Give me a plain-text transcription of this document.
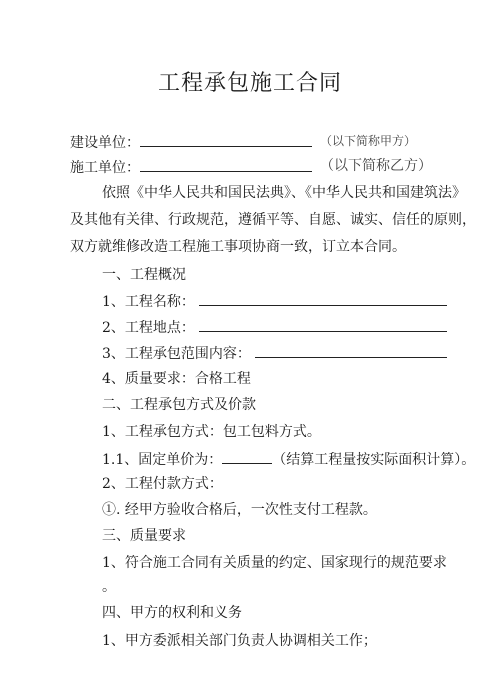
工程承包施工合同
建设单位：	（以下简称甲方）
施工单位：	（以下简称乙方）
依照《中华人民共和国民法典》、《中华人民共和国建筑法》
及其他有关律、行政规范，遵循平等、自愿、诚实、信任的原则，
双方就维修改造工程施工事项协商一致，订立本合同。
一、工程概况
1、工程名称：
2、工程地点：
3、工程承包范围内容：
4、质量要求：合格工程
二、工程承包方式及价款
1、工程承包方式：包工包料方式。
1.1、固定单价为：	（结算工程量按实际面积计算）。
2、工程付款方式：
①. 经甲方验收合格后，一次性支付工程款。
三、质量要求
1、符合施工合同有关质量的约定、国家现行的规范要求
。
四、甲方的权利和义务
1、甲方委派相关部门负责人协调相关工作；
